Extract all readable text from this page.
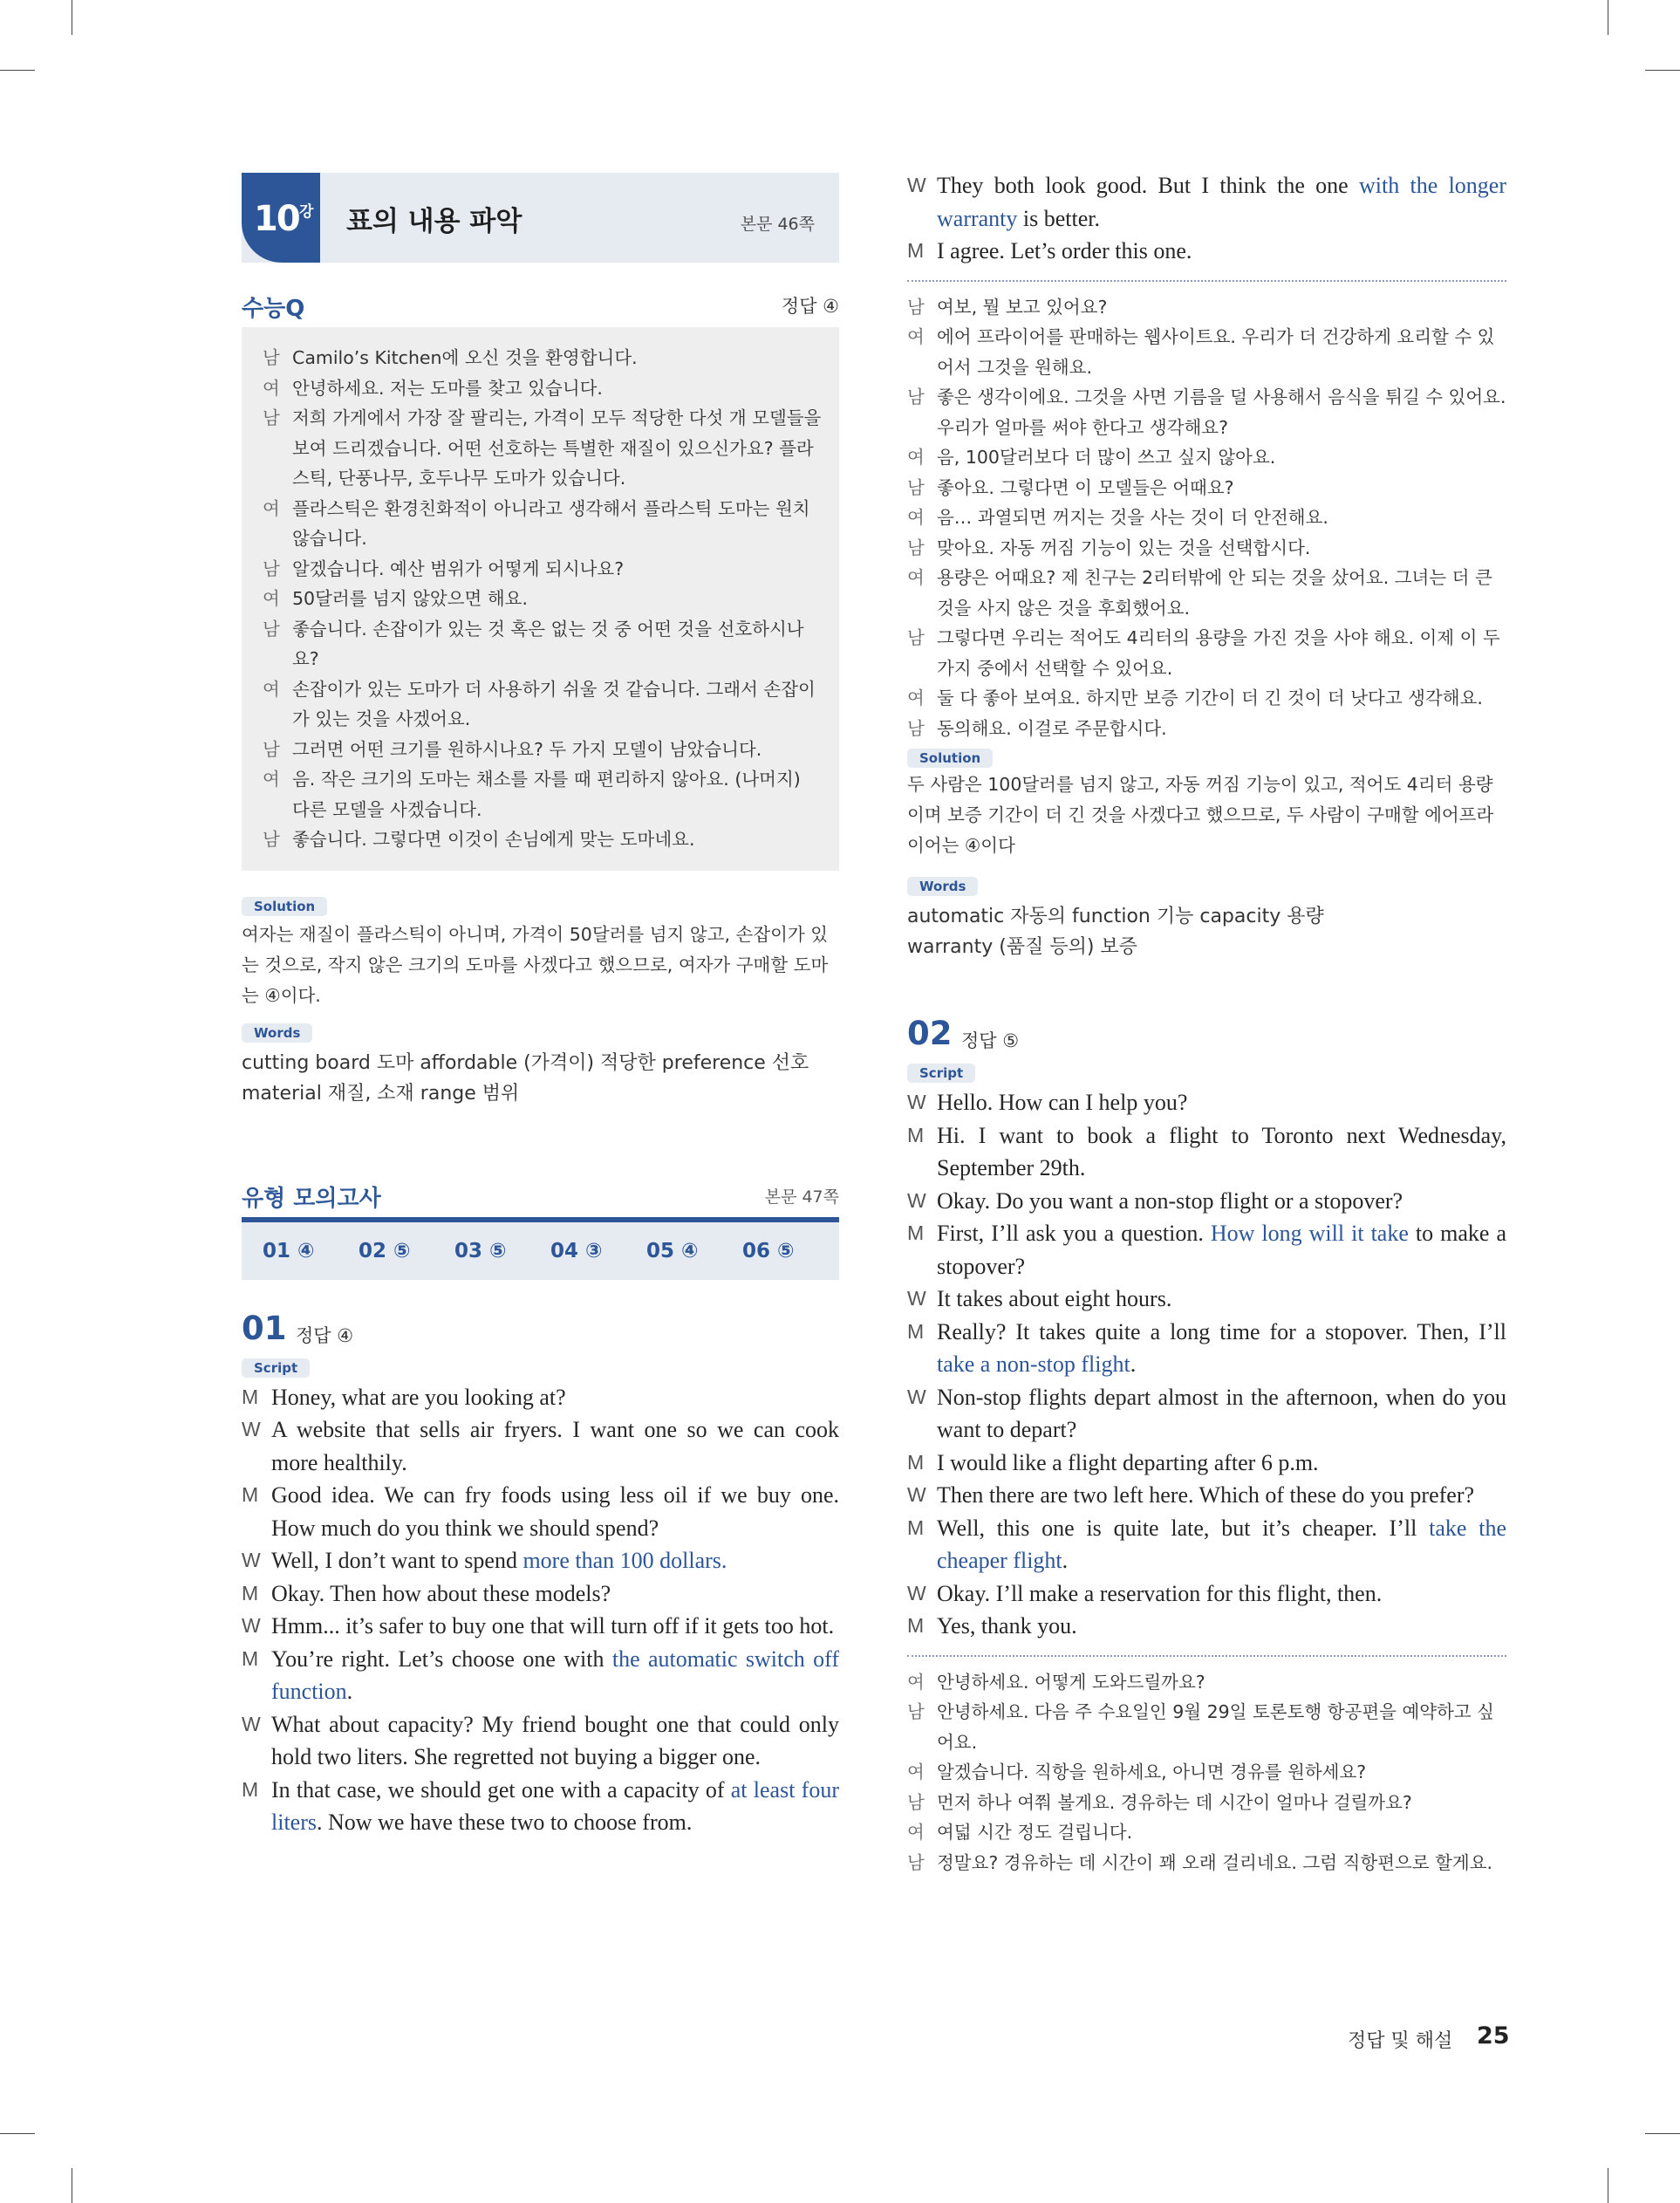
10 강 표의 내용 파악	본문 46쪽
수능Q	정답 ④
남 Camilo’s Kitchen에 오신 것을 환영합니다.
여 안녕하세요. 저는 도마를 찾고 있습니다.
남 저희 가게에서 가장 잘 팔리는, 가격이 모두 적당한 다섯 개 모델들을 보여 드리겠습니다. 어떤 선호하는 특별한 재질이 있으신가요? 플라스틱, 단풍나무, 호두나무 도마가 있습니다.
여 플라스틱은 환경친화적이 아니라고 생각해서 플라스틱 도마는 원치 않습니다.
남 알겠습니다. 예산 범위가 어떻게 되시나요?
여 50달러를 넘지 않았으면 해요.
남 좋습니다. 손잡이가 있는 것 혹은 없는 것 중 어떤 것을 선호하시나요?
여 손잡이가 있는 도마가 더 사용하기 쉬울 것 같습니다. 그래서 손잡이가 있는 것을 사겠어요.
남 그러면 어떤 크기를 원하시나요? 두 가지 모델이 남았습니다.
여 음. 작은 크기의 도마는 채소를 자를 때 편리하지 않아요. (나머지) 다른 모델을 사겠습니다.
남 좋습니다. 그렇다면 이것이 손님에게 맞는 도마네요.
Solution
여자는 재질이 플라스틱이 아니며, 가격이 50달러를 넘지 않고, 손잡이가 있는 것으로, 작지 않은 크기의 도마를 사겠다고 했으므로, 여자가 구매할 도마는 ④이다.
Words
cutting board 도마 affordable (가격이) 적당한 preference 선호
material 재질, 소재 range 범위
유형 모의고사	본문 47쪽
01 ④	02 ⑤	03 ⑤	04 ③	05 ④	06 ⑤
01 정답 ④
Script
M Honey, what are you looking at?
W A website that sells air fryers. I want one so we can cook more healthily.
M Good idea. We can fry foods using less oil if we buy one. How much do you think we should spend?
W Well, I don’t want to spend more than 100 dollars.
M Okay. Then how about these models?
W Hmm... it’s safer to buy one that will turn off if it gets too hot.
M You’re right. Let’s choose one with the automatic switch off function.
W What about capacity? My friend bought one that could only hold two liters. She regretted not buying a bigger one.
M In that case, we should get one with a capacity of at least four liters. Now we have these two to choose from.
W They both look good. But I think the one with the longer warranty is better.
M I agree. Let’s order this one.
남 여보, 뭘 보고 있어요?
여 에어 프라이어를 판매하는 웹사이트요. 우리가 더 건강하게 요리할 수 있어서 그것을 원해요.
남 좋은 생각이에요. 그것을 사면 기름을 덜 사용해서 음식을 튀길 수 있어요. 우리가 얼마를 써야 한다고 생각해요?
여 음, 100달러보다 더 많이 쓰고 싶지 않아요.
남 좋아요. 그렇다면 이 모델들은 어때요?
여 음… 과열되면 꺼지는 것을 사는 것이 더 안전해요.
남 맞아요. 자동 꺼짐 기능이 있는 것을 선택합시다.
여 용량은 어때요? 제 친구는 2리터밖에 안 되는 것을 샀어요. 그녀는 더 큰 것을 사지 않은 것을 후회했어요.
남 그렇다면 우리는 적어도 4리터의 용량을 가진 것을 사야 해요. 이제 이 두 가지 중에서 선택할 수 있어요.
여 둘 다 좋아 보여요. 하지만 보증 기간이 더 긴 것이 더 낫다고 생각해요.
남 동의해요. 이걸로 주문합시다.
Solution
두 사람은 100달러를 넘지 않고, 자동 꺼짐 기능이 있고, 적어도 4리터 용량이며 보증 기간이 더 긴 것을 사겠다고 했으므로, 두 사람이 구매할 에어프라이어는 ④이다
Words
automatic 자동의 function 기능 capacity 용량
warranty (품질 등의) 보증
02 정답 ⑤
Script
W Hello. How can I help you?
M Hi. I want to book a flight to Toronto next Wednesday, September 29th.
W Okay. Do you want a non-stop flight or a stopover?
M First, I’ll ask you a question. How long will it take to make a stopover?
W It takes about eight hours.
M Really? It takes quite a long time for a stopover. Then, I’ll take a non-stop flight.
W Non-stop flights depart almost in the afternoon, when do you want to depart?
M I would like a flight departing after 6 p.m.
W Then there are two left here. Which of these do you prefer?
M Well, this one is quite late, but it’s cheaper. I’ll take the cheaper flight.
W Okay. I’ll make a reservation for this flight, then.
M Yes, thank you.
여 안녕하세요. 어떻게 도와드릴까요?
남 안녕하세요. 다음 주 수요일인 9월 29일 토론토행 항공편을 예약하고 싶어요.
여 알겠습니다. 직항을 원하세요, 아니면 경유를 원하세요?
남 먼저 하나 여쭤 볼게요. 경유하는 데 시간이 얼마나 걸릴까요?
여 여덟 시간 정도 걸립니다.
남 정말요? 경유하는 데 시간이 꽤 오래 걸리네요. 그럼 직항편으로 할게요.
정답 및 해설 25
